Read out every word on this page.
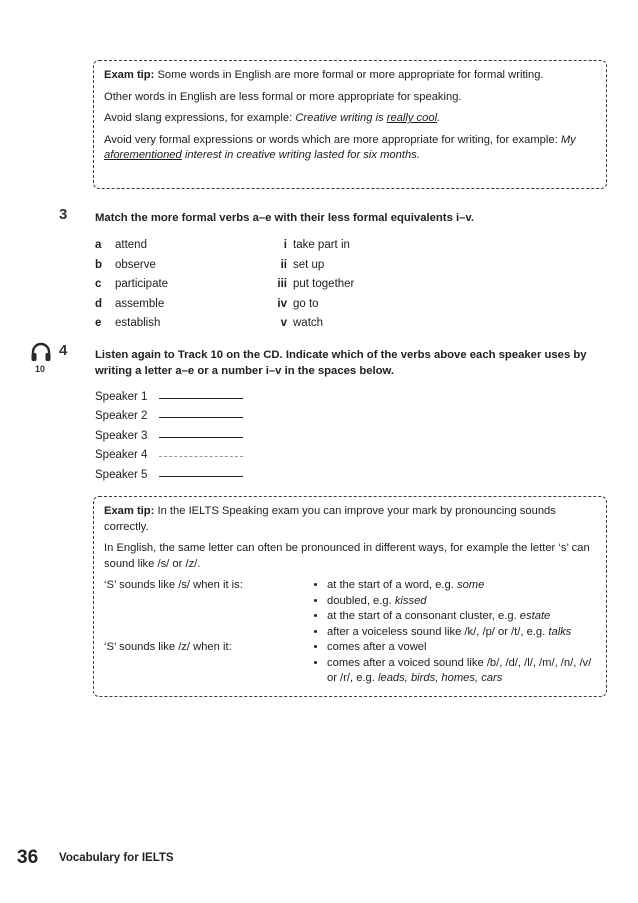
Exam tip: Some words in English are more formal or more appropriate for formal writing.

Other words in English are less formal or more appropriate for speaking.

Avoid slang expressions, for example: Creative writing is really cool.

Avoid very formal expressions or words which are more appropriate for writing, for example: My aforementioned interest in creative writing lasted for six months.

3 Match the more formal verbs a–e with their less formal equivalents i–v.
a attend
b observe
c participate
d assemble
e establish
i take part in
ii set up
iii put together
iv go to
v watch
10
4 Listen again to Track 10 on the CD. Indicate which of the verbs above each speaker uses by writing a letter a–e or a number i–v in the spaces below.
Speaker 1
Speaker 2
Speaker 3
Speaker 4
Speaker 5

Exam tip: In the IELTS Speaking exam you can improve your mark by pronouncing sounds correctly.

In English, the same letter can often be pronounced in different ways, for example the letter ‘s’ can sound like /s/ or /z/.

‘S’ sounds like /s/ when it is:	• at the start of a word, e.g. some
• doubled, e.g. kissed
• at the start of a consonant cluster, e.g. estate
• after a voiceless sound like /k/, /p/ or /t/, e.g. talks
‘S’ sounds like /z/ when it:	• comes after a vowel
• comes after a voiced sound like /b/, /d/, /l/, /m/, /n/, /v/ or /r/, e.g. leads, birds, homes, cars
36 Vocabulary for IELTS
